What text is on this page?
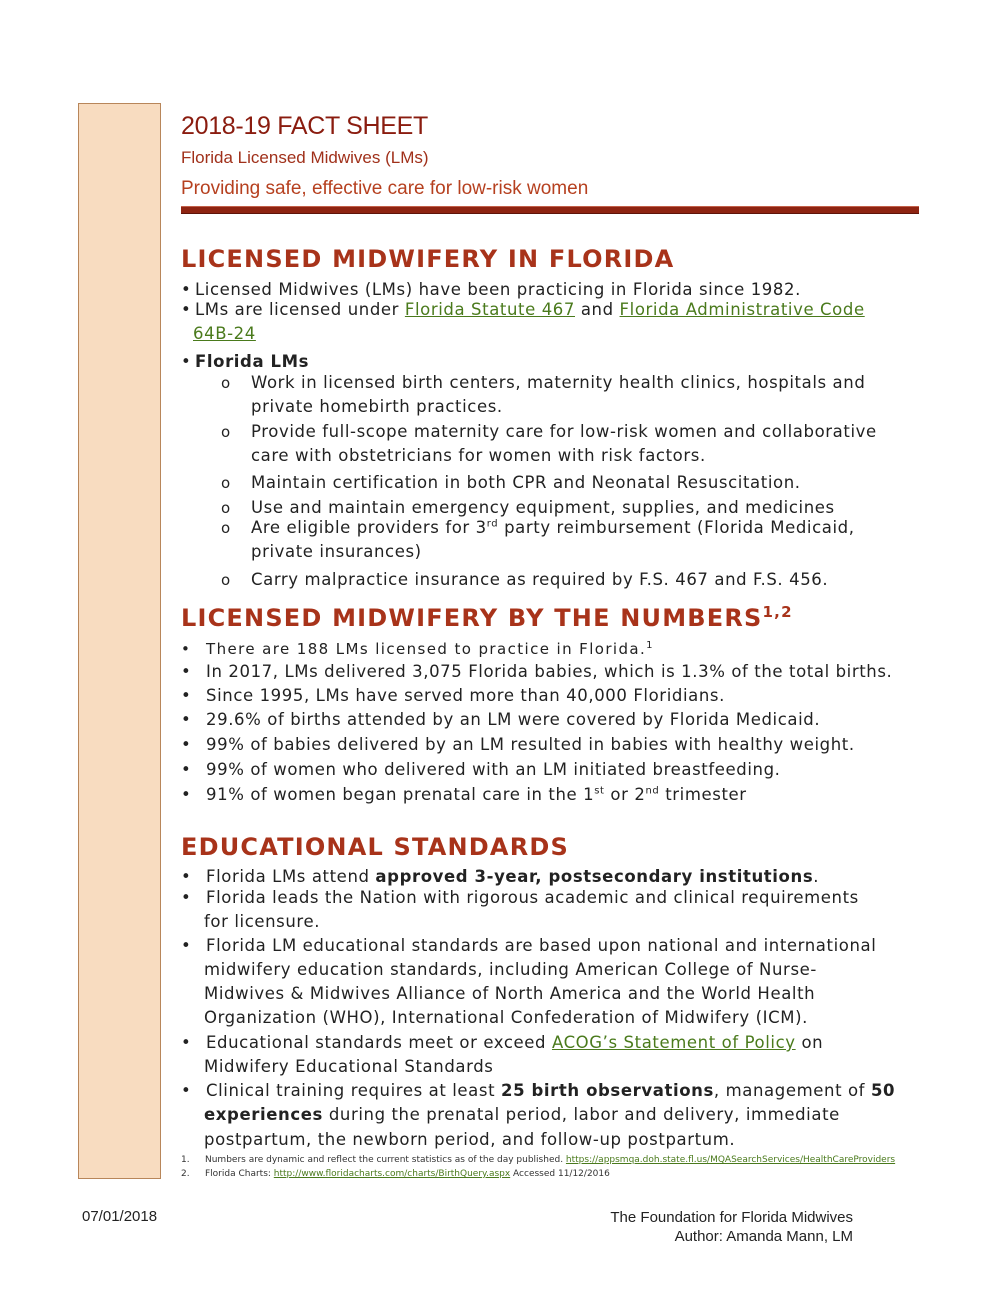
2018-19 FACT SHEET
Florida Licensed Midwives (LMs)
Providing safe, effective care for low-risk women
LICENSED MIDWIFERY IN FLORIDA
• Licensed Midwives (LMs) have been practicing in Florida since 1982.
• LMs are licensed under Florida Statute 467 and Florida Administrative Code
64B-24
• Florida LMs
o	Work in licensed birth centers, maternity health clinics, hospitals and
private homebirth practices.
o	Provide full-scope maternity care for low-risk women and collaborative
care with obstetricians for women with risk factors.
o	Maintain certification in both CPR and Neonatal Resuscitation.
o	Use and maintain emergency equipment, supplies, and medicines
o	Are eligible providers for 3rd party reimbursement (Florida Medicaid,
private insurances)
o	Carry malpractice insurance as required by F.S. 467 and F.S. 456.
LICENSED MIDWIFERY BY THE NUMBERS$^{1,2}$
• There are 188 LMs licensed to practice in Florida.$^1$
• In 2017, LMs delivered 3,075 Florida babies, which is 1.3% of the total births.
• Since 1995, LMs have served more than 40,000 Floridians.
• 29.6% of births attended by an LM were covered by Florida Medicaid.
• 99% of babies delivered by an LM resulted in babies with healthy weight.
• 99% of women who delivered with an LM initiated breastfeeding.
• 91% of women began prenatal care in the 1st or 2nd trimester
EDUCATIONAL STANDARDS
• Florida LMs attend approved 3-year, postsecondary institutions.
• Florida leads the Nation with rigorous academic and clinical requirements
for licensure.
• Florida LM educational standards are based upon national and international
midwifery education standards, including American College of Nurse-
Midwives & Midwives Alliance of North America and the World Health
Organization (WHO), International Confederation of Midwifery (ICM).
• Educational standards meet or exceed ACOG’s Statement of Policy on
Midwifery Educational Standards
• Clinical training requires at least 25 birth observations, management of 50
experiences during the prenatal period, labor and delivery, immediate
postpartum, the newborn period, and follow-up postpartum.
1. Numbers are dynamic and reflect the current statistics as of the day published. https://appsmqa.doh.state.fl.us/MQASearchServices/HealthCareProviders
2. Florida Charts: http://www.floridacharts.com/charts/BirthQuery.aspx Accessed 11/12/2016
07/01/2018	The Foundation for Florida Midwives
Author: Amanda Mann, LM
